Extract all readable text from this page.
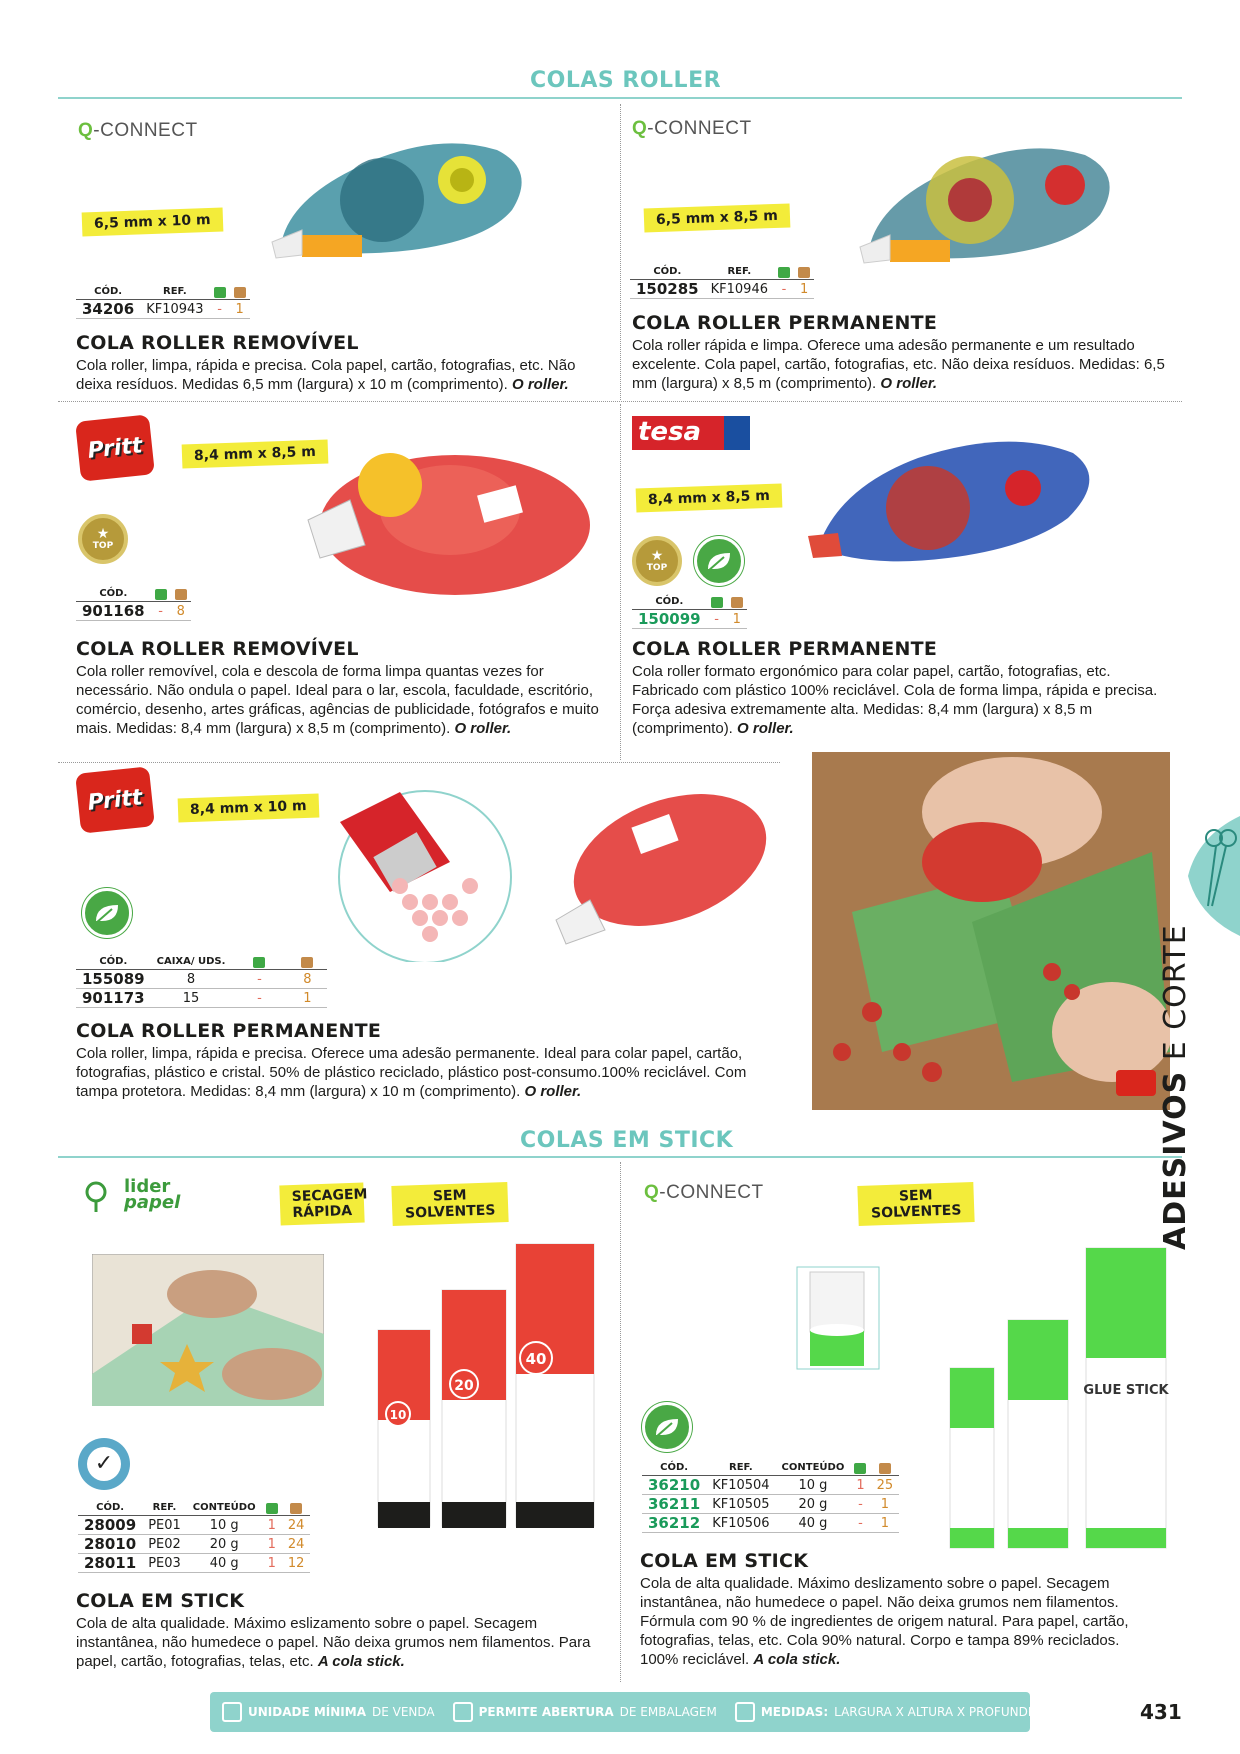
COLAS ROLLER
Q-CONNECT
6,5 mm x 10 m
CÓD.	REF.		
34206	KF10943	-	1
COLA ROLLER REMOVÍVEL
Cola roller, limpa, rápida e precisa. Cola papel, cartão, fotografias, etc. Não deixa resíduos. Medidas 6,5 mm (largura) x 10 m (comprimento). O roller.
Q-CONNECT
6,5 mm x 8,5 m
CÓD.	REF.		
150285	KF10946	-	1
COLA ROLLER PERMANENTE
Cola roller rápida e limpa. Oferece uma adesão permanente e um resultado excelente. Cola papel, cartão, fotografias, etc. Não deixa resíduos. Medidas: 6,5 mm (largura) x 8,5 m (comprimento). O roller.
Pritt	8,4 mm x 8,5 m
★
TOP
CÓD.		
901168	-	8
COLA ROLLER REMOVÍVEL
Cola roller removível, cola e descola de forma limpa quantas vezes for necessário. Não ondula o papel. Ideal para o lar, escola, faculdade, escritório, comércio, desenho, artes gráficas, agências de publicidade, fotógrafos e muito mais. Medidas: 8,4 mm (largura) x 8,5 m (comprimento). O roller.
tesa
8,4 mm x 8,5 m
★
TOP
CÓD.		
150099	-	1
COLA ROLLER PERMANENTE
Cola roller formato ergonómico para colar papel, cartão, fotografias, etc. Fabricado com plástico 100% reciclável. Cola de forma limpa, rápida e precisa. Força adesiva extremamente alta. Medidas: 8,4 mm (largura) x 8,5 m (comprimento). O roller.
Pritt	8,4 mm x 10 m
CÓD.	CAIXA/ UDS.		
155089	8	-	8
901173	15	-	1
COLA ROLLER PERMANENTE
Cola roller, limpa, rápida e precisa. Oferece uma adesão permanente. Ideal para colar papel, cartão, fotografias, plástico e cristal. 50% de plástico reciclado, plástico post-consumo.100% reciclável. Com tampa protetora. Medidas: 8,4 mm (largura) x 10 m (comprimento). O roller.
COLAS EM STICK
lider
papel	SECAGEM RÁPIDA
SEM SOLVENTES
10
20
40
✓
CÓD.	REF.	CONTEÚDO		
28009	PE01	10 g	1	24
28010	PE02	20 g	1	24
28011	PE03	40 g	1	12
COLA EM STICK
Cola de alta qualidade. Máximo eslizamento sobre o papel. Secagem instantânea, não humedece o papel. Não deixa grumos nem filamentos. Para papel, cartão, fotografias, telas, etc. A cola stick.
Q-CONNECT	SEM SOLVENTES
GLUE STICK
CÓD.	REF.	CONTEÚDO		
36210	KF10504	10 g	1	25
36211	KF10505	20 g	-	1
36212	KF10506	40 g	-	1
COLA EM STICK
Cola de alta qualidade. Máximo deslizamento sobre o papel. Secagem instantânea, não humedece o papel. Não deixa grumos nem filamentos. Fórmula com 90 % de ingredientes de origem natural. Para papel, cartão, fotografias, telas, etc. Cola 90% natural. Corpo e tampa 89% reciclados. 100% reciclável. A cola stick.
ADESIVOS E CORTE
UNIDADE MÍNIMA DE VENDA	PERMITE ABERTURA DE EMBALAGEM	MEDIDAS: LARGURA X ALTURA X PROFUNDIDADE	431
